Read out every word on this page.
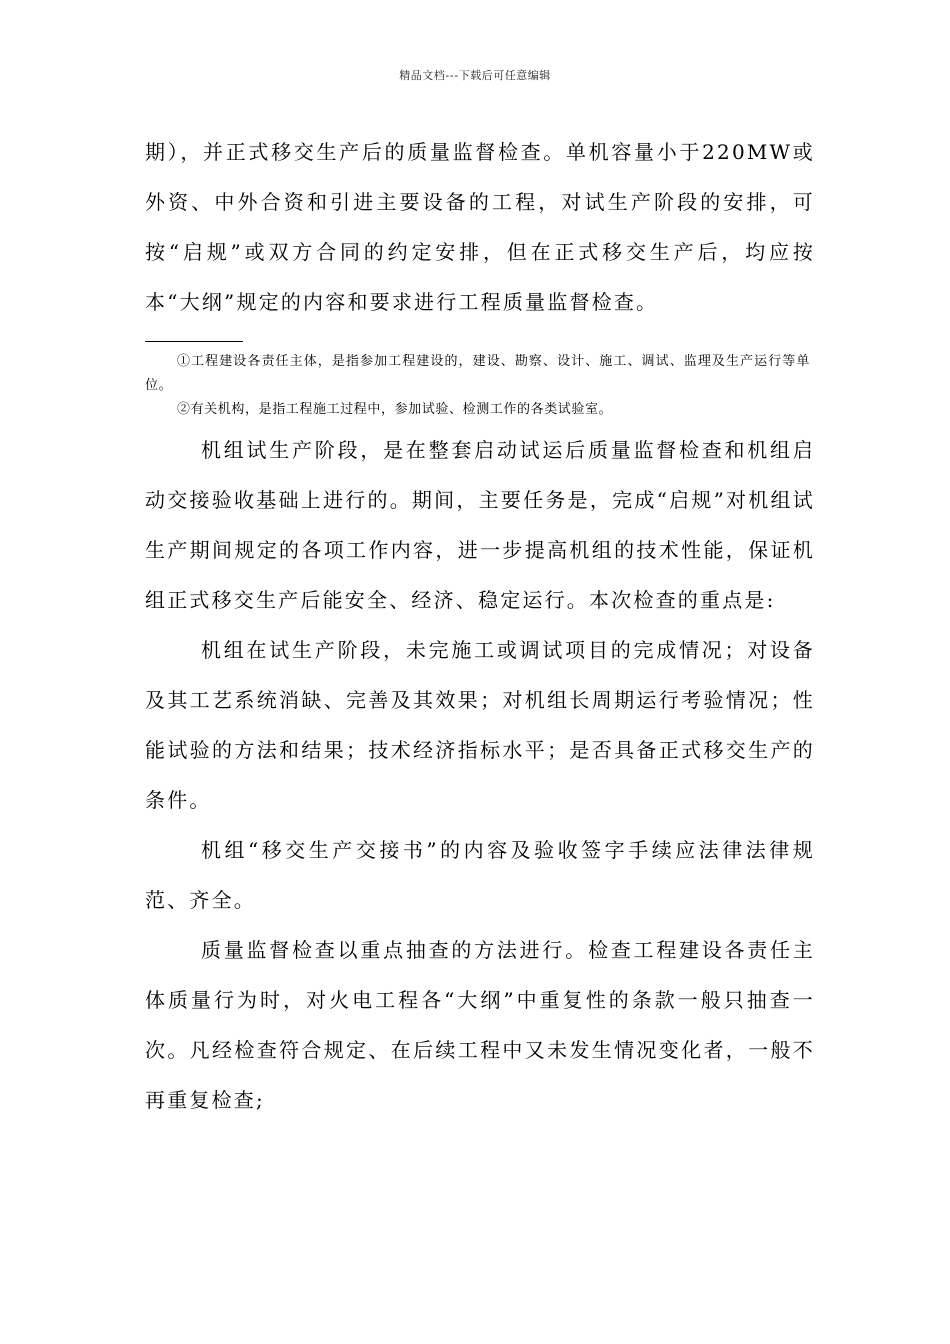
精品文档---下载后可任意编辑

期），并正式移交生产后的质量监督检查。单机容量小于220MW或外资、中外合资和引进主要设备的工程，对试生产阶段的安排，可按“启规”或双方合同的约定安排，但在正式移交生产后，均应按本“大纲”规定的内容和要求进行工程质量监督检查。

①工程建设各责任主体，是指参加工程建设的，建设、勘察、设计、施工、调试、监理及生产运行等单位。

②有关机构，是指工程施工过程中，参加试验、检测工作的各类试验室。

机组试生产阶段，是在整套启动试运后质量监督检查和机组启动交接验收基础上进行的。期间，主要任务是，完成“启规”对机组试生产期间规定的各项工作内容，进一步提高机组的技术性能，保证机组正式移交生产后能安全、经济、稳定运行。本次检查的重点是:

机组在试生产阶段，未完施工或调试项目的完成情况；对设备及其工艺系统消缺、完善及其效果；对机组长周期运行考验情况；性能试验的方法和结果；技术经济指标水平；是否具备正式移交生产的条件。

机组“移交生产交接书”的内容及验收签字手续应法律法律规范、齐全。

质量监督检查以重点抽查的方法进行。检查工程建设各责任主体质量行为时，对火电工程各“大纲”中重复性的条款一般只抽查一次。凡经检查符合规定、在后续工程中又未发生情况变化者，一般不再重复检查;
